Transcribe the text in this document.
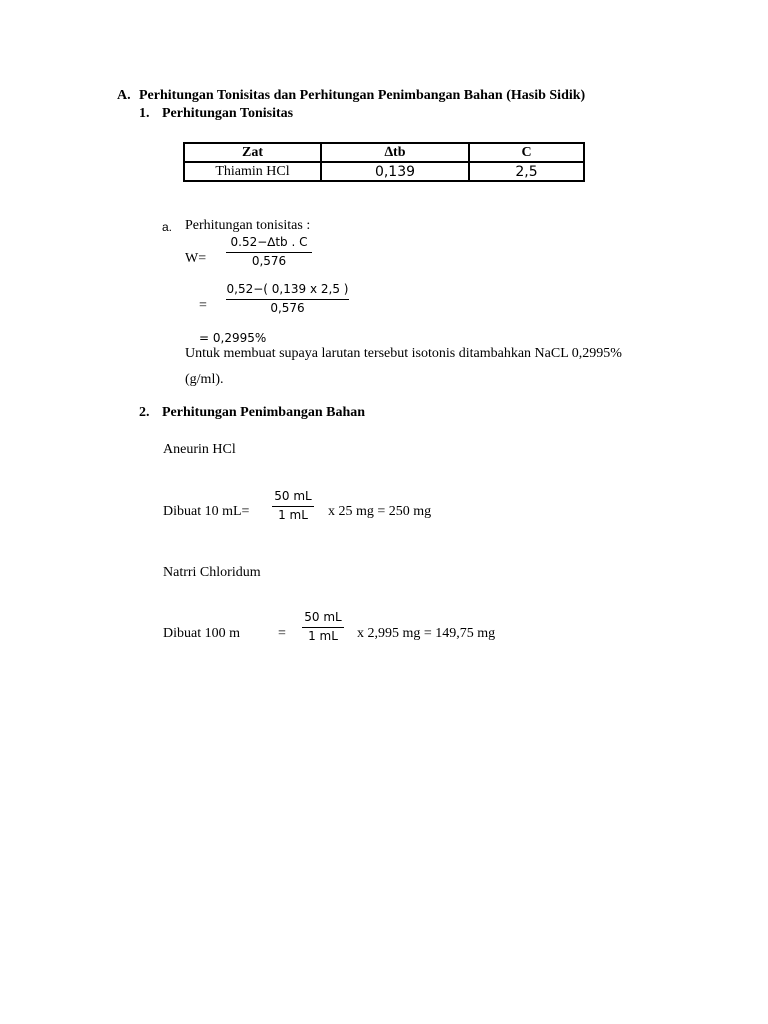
A. Perhitungan Tonisitas dan Perhitungan Penimbangan Bahan (Hasib Sidik)
1. Perhitungan Tonisitas
Zat	∆tb	C
Thiamin HCl	0,139	2,5
a. Perhitungan tonisitas :
W=
0.52−∆tb . C
0,576
=
0,52−( 0,139 x 2,5 )
0,576
= 0,2995%
Untuk membuat supaya larutan tersebut isotonis ditambahkan NaCL 0,2995%
(g/ml).
2. Perhitungan Penimbangan Bahan
Aneurin HCl
Dibuat 10 mL=
50 mL
1 mL x 25 mg = 250 mg
Natrri Chloridum
Dibuat 100 m	=
50 mL
1 mL x 2,995 mg = 149,75 mg
